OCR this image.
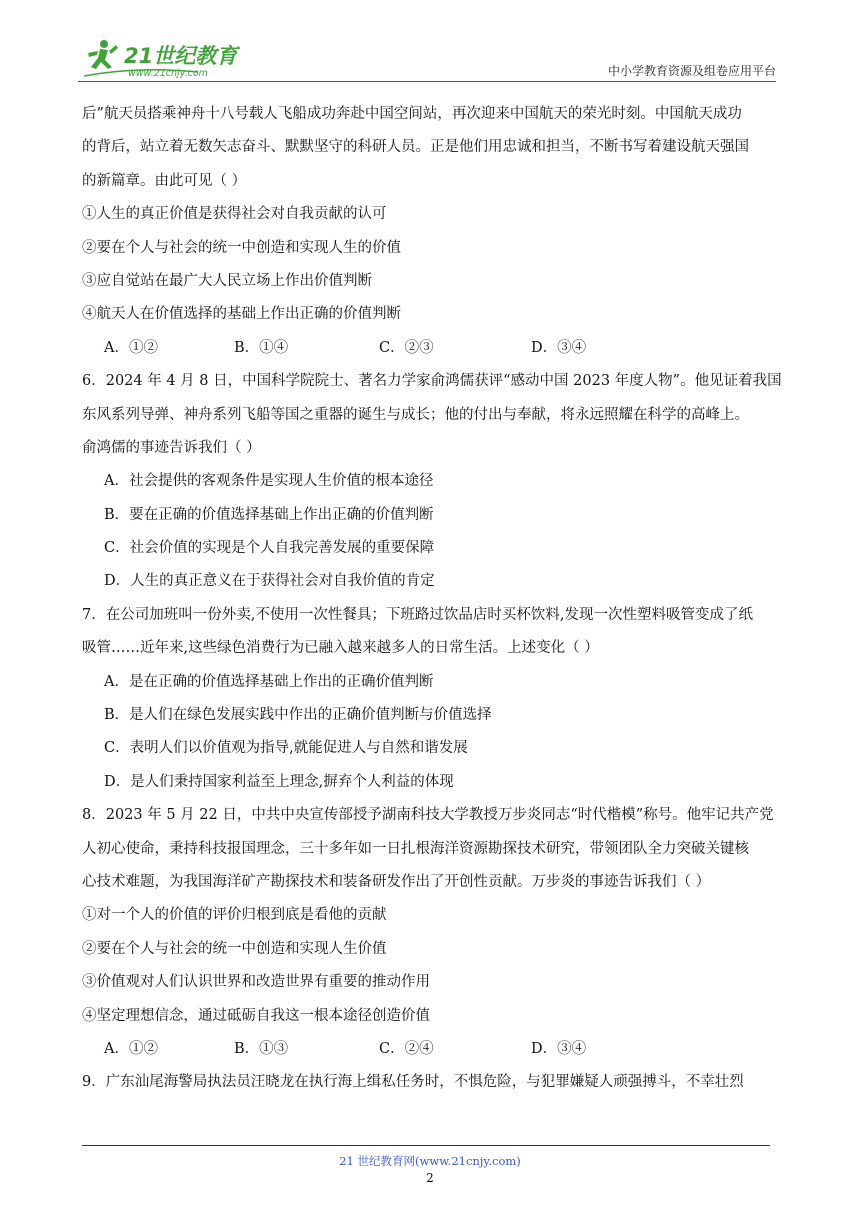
21世纪教育
www.21cnjy.com	中小学教育资源及组卷应用平台
后”航天员搭乘神舟十八号载人飞船成功奔赴中国空间站，再次迎来中国航天的荣光时刻。中国航天成功
的背后，站立着无数矢志奋斗、默默坚守的科研人员。正是他们用忠诚和担当，不断书写着建设航天强国
的新篇章。由此可见（ ）
①人生的真正价值是获得社会对自我贡献的认可
②要在个人与社会的统一中创造和实现人生的价值
③应自觉站在最广大人民立场上作出价值判断
④航天人在价值选择的基础上作出正确的价值判断
A．①②	B．①④	C．②③	D．③④
6．2024 年 4 月 8 日，中国科学院院士、著名力学家俞鸿儒获评“感动中国 2023 年度人物”。他见证着我国
东风系列导弹、神舟系列飞船等国之重器的诞生与成长；他的付出与奉献，将永远照耀在科学的高峰上。
俞鸿儒的事迹告诉我们（ ）
A．社会提供的客观条件是实现人生价值的根本途径
B．要在正确的价值选择基础上作出正确的价值判断
C．社会价值的实现是个人自我完善发展的重要保障
D．人生的真正意义在于获得社会对自我价值的肯定
7．在公司加班叫一份外卖,不使用一次性餐具；下班路过饮品店时买杯饮料,发现一次性塑料吸管变成了纸
吸管……近年来,这些绿色消费行为已融入越来越多人的日常生活。上述变化（ ）
A．是在正确的价值选择基础上作出的正确价值判断
B．是人们在绿色发展实践中作出的正确价值判断与价值选择
C．表明人们以价值观为指导,就能促进人与自然和谐发展
D．是人们秉持国家利益至上理念,摒弃个人利益的体现
8．2023 年 5 月 22 日，中共中央宣传部授予湖南科技大学教授万步炎同志“时代楷模”称号。他牢记共产党
人初心使命，秉持科技报国理念，三十多年如一日扎根海洋资源勘探技术研究，带领团队全力突破关键核
心技术难题，为我国海洋矿产勘探技术和装备研发作出了开创性贡献。万步炎的事迹告诉我们（ ）
①对一个人的价值的评价归根到底是看他的贡献
②要在个人与社会的统一中创造和实现人生价值
③价值观对人们认识世界和改造世界有重要的推动作用
④坚定理想信念，通过砥砺自我这一根本途径创造价值
A．①②	B．①③	C．②④	D．③④
9．广东汕尾海警局执法员汪晓龙在执行海上缉私任务时，不惧危险，与犯罪嫌疑人顽强搏斗，不幸壮烈
21 世纪教育网(www.21cnjy.com)
2
